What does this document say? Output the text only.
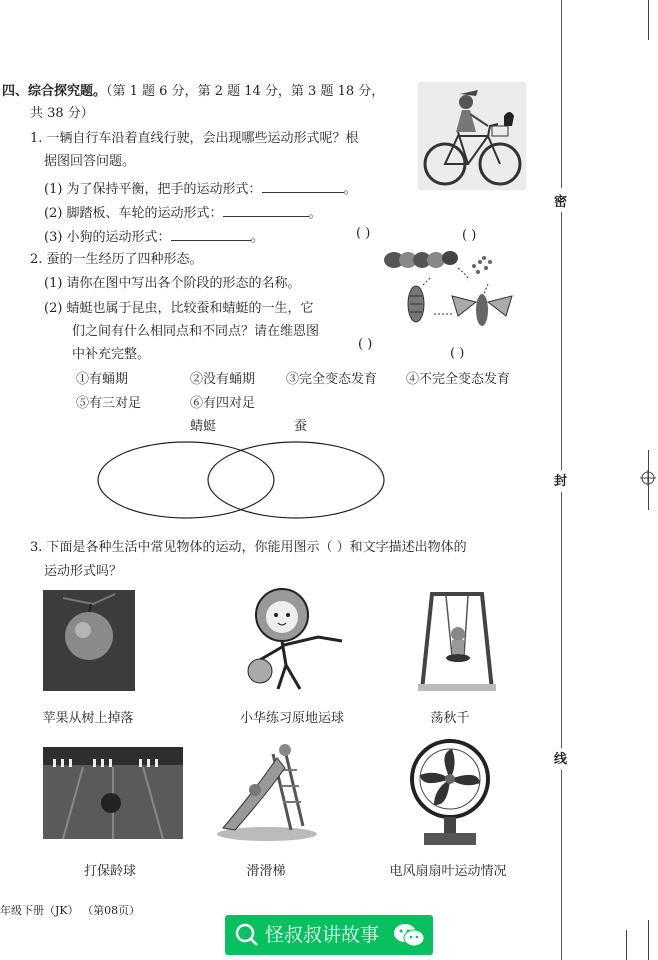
四、综合探究题。（第 1 题 6 分，第 2 题 14 分，第 3 题 18 分，
共 38 分）
1. 一辆自行车沿着直线行驶，会出现哪些运动形式呢？根
据图回答问题。
(1) 为了保持平衡，把手的运动形式：	。
(2) 脚踏板、车轮的运动形式：	。
(3) 小狗的运动形式：	。
2. 蚕的一生经历了四种形态。
(1) 请你在图中写出各个阶段的形态的名称。
(2) 蜻蜓也属于昆虫，比较蚕和蜻蜓的一生，它
们之间有什么相同点和不同点？请在维恩图
中补充完整。
( )	( )
( )
( )
①有蛹期	②没有蛹期 ③完全变态发育 ④不完全变态发育
⑤有三对足	⑥有四对足
蜻蜓	蚕
3. 下面是各种生活中常见物体的运动，你能用图示（ ）和文字描述出物体的
运动形式吗？
苹果从树上掉落	小华练习原地运球	荡秋千
打保龄球	滑滑梯	电风扇扇叶运动情况
密
封
线
年级下册（JK） （第08页）
怪叔叔讲故事
